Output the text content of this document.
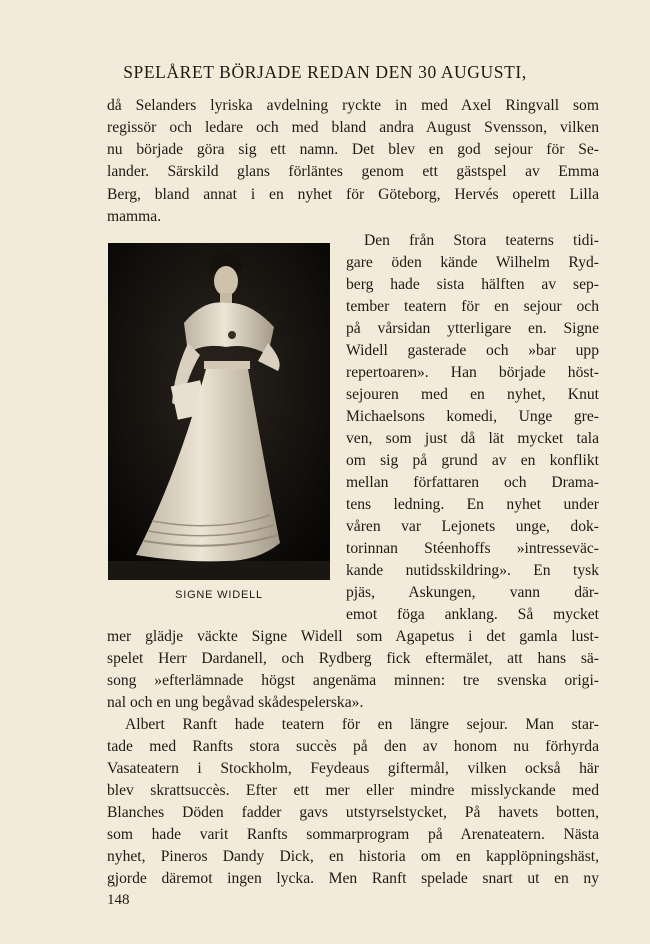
SPELÅRET BÖRJADE REDAN DEN 30 AUGUSTI,
då Selanders lyriska avdelning ryckte in med Axel Ringvall som
regissör och ledare och med bland andra August Svensson, vilken
nu började göra sig ett namn. Det blev en god sejour för Se-
lander. Särskild glans förläntes genom ett gästspel av Emma
Berg, bland annat i en nyhet för Göteborg, Hervés operett Lilla
mamma.
SIGNE WIDELL
Den från Stora teaterns tidi-
gare öden kände Wilhelm Ryd-
berg hade sista hälften av sep-
tember teatern för en sejour och
på vårsidan ytterligare en. Signe
Widell gasterade och »bar upp
repertoaren». Han började höst-
sejouren med en nyhet, Knut
Michaelsons komedi, Unge gre-
ven, som just då lät mycket tala
om sig på grund av en konflikt
mellan författaren och Drama-
tens ledning. En nyhet under
våren var Lejonets unge, dok-
torinnan Stéenhoffs »intresseväc-
kande nutidsskildring». En tysk
pjäs, Askungen, vann där-
emot föga anklang. Så mycket
mer glädje väckte Signe Widell som Agapetus i det gamla lust-
spelet Herr Dardanell, och Rydberg fick eftermälet, att hans sä-
song »efterlämnade högst angenäma minnen: tre svenska origi-
nal och en ung begåvad skådespelerska».
Albert Ranft hade teatern för en längre sejour. Man star-
tade med Ranfts stora succès på den av honom nu förhyrda
Vasateatern i Stockholm, Feydeaus giftermål, vilken också här
blev skrattsuccès. Efter ett mer eller mindre misslyckande med
Blanches Döden fadder gavs utstyrselstycket, På havets botten,
som hade varit Ranfts sommarprogram på Arenateatern. Nästa
nyhet, Pineros Dandy Dick, en historia om en kapplöpningshäst,
gjorde däremot ingen lycka. Men Ranft spelade snart ut en ny
148
